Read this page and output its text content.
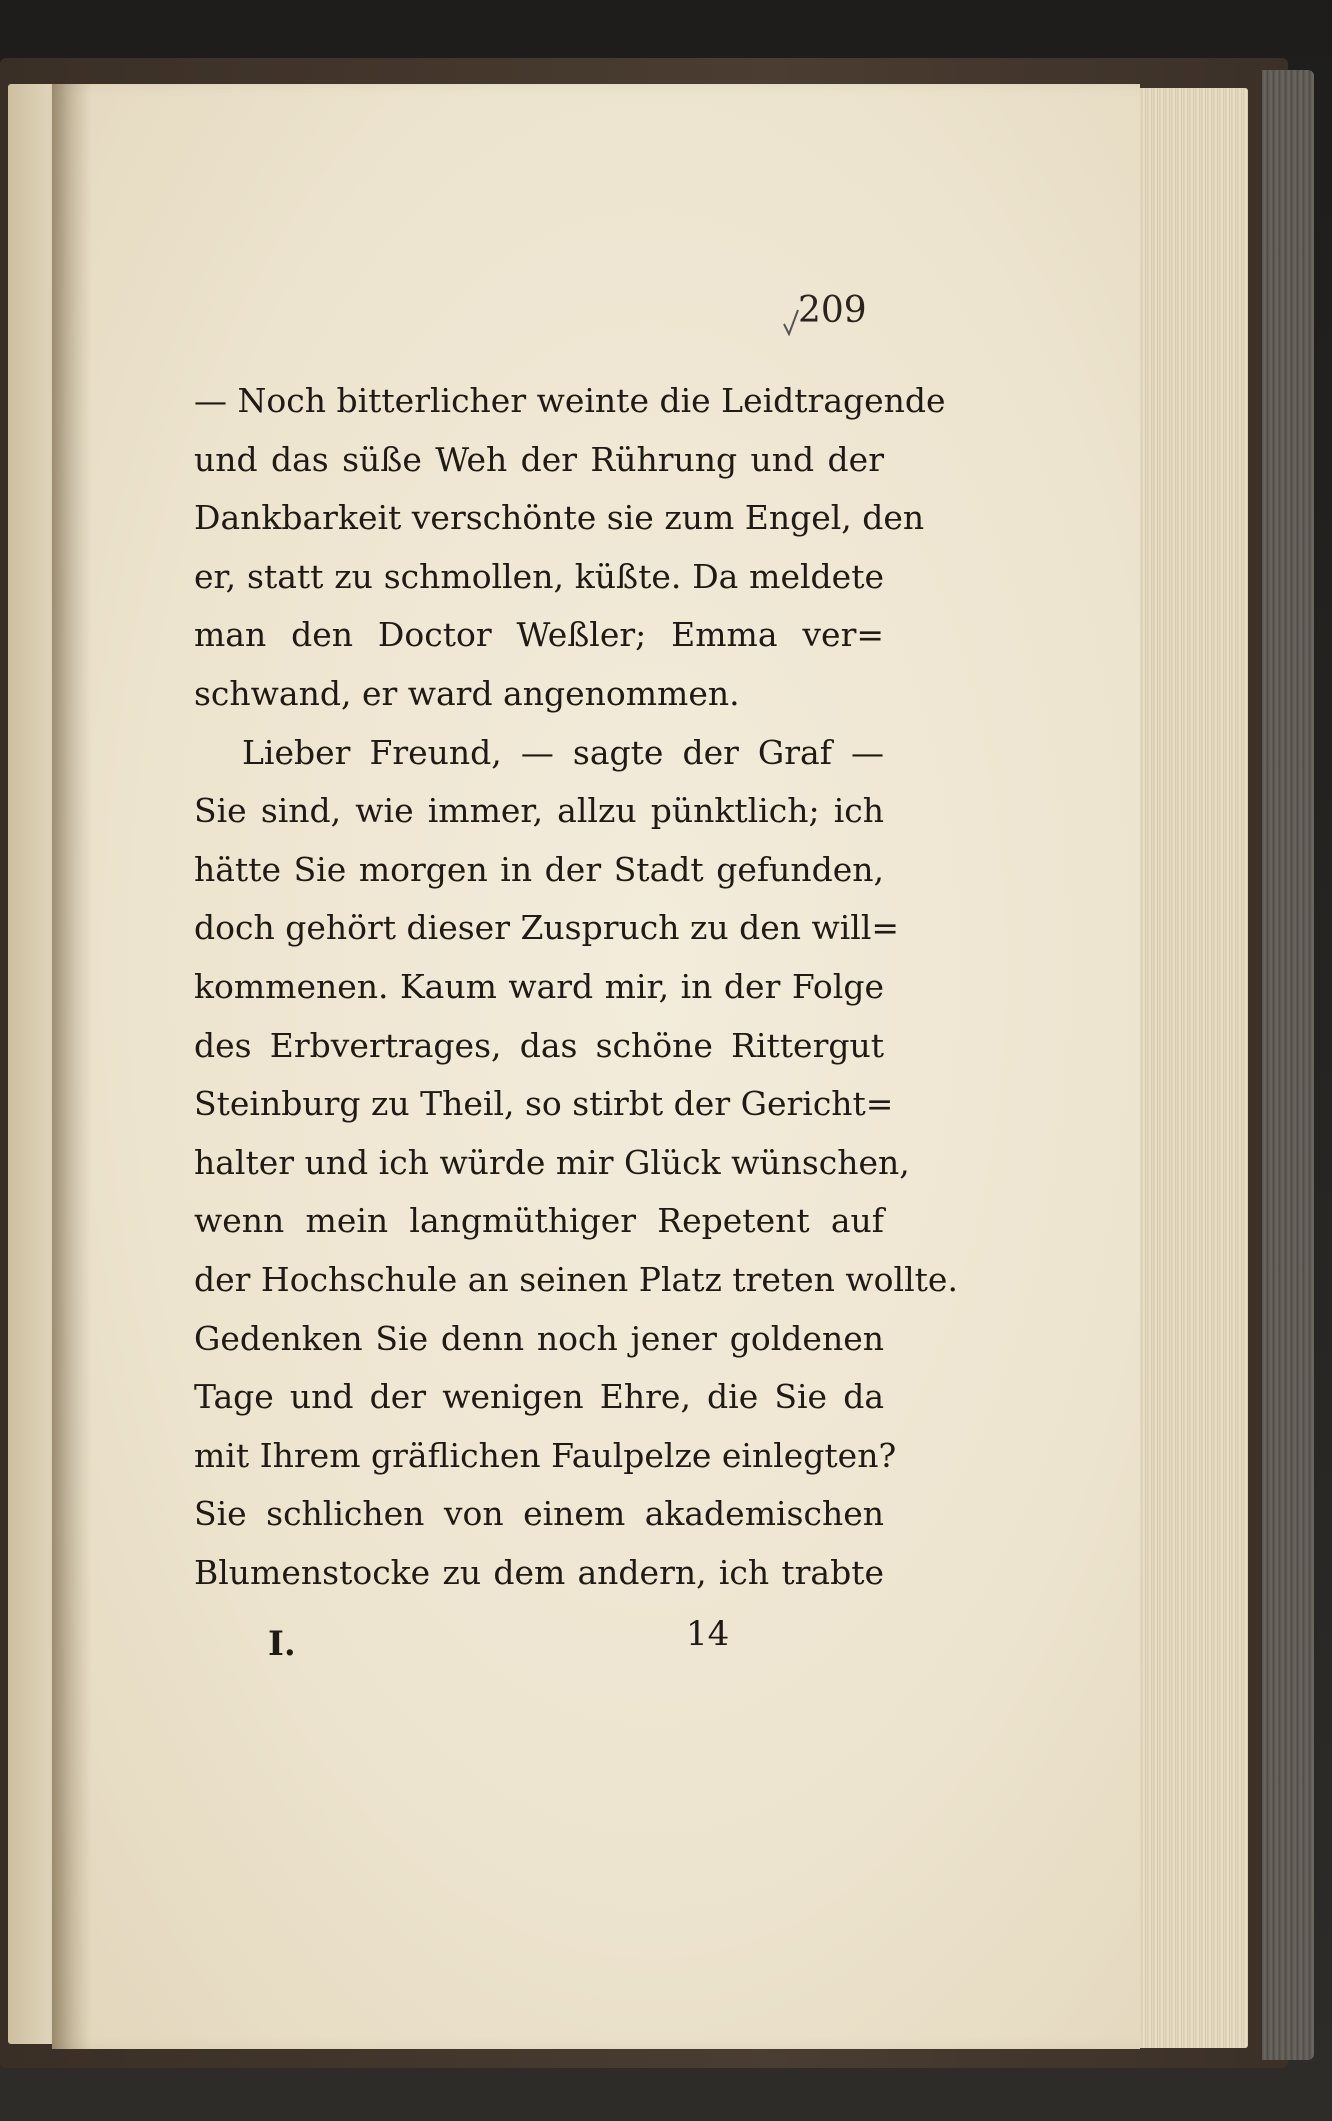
209
— Noch bitterlicher weinte die Leidtragende
und das süße Weh der Rührung und der
Dankbarkeit verschönte sie zum Engel, den
er, statt zu schmollen, küßte. Da meldete
man den Doctor Weßler; Emma ver=
schwand, er ward angenommen.
Lieber Freund, — sagte der Graf —
Sie sind, wie immer, allzu pünktlich; ich
hätte Sie morgen in der Stadt gefunden,
doch gehört dieser Zuspruch zu den will=
kommenen. Kaum ward mir, in der Folge
des Erbvertrages, das schöne Rittergut
Steinburg zu Theil, so stirbt der Gericht=
halter und ich würde mir Glück wünschen,
wenn mein langmüthiger Repetent auf
der Hochschule an seinen Platz treten wollte.
Gedenken Sie denn noch jener goldenen
Tage und der wenigen Ehre, die Sie da
mit Ihrem gräflichen Faulpelze einlegten?
Sie schlichen von einem akademischen
Blumenstocke zu dem andern, ich trabte
I.	14
